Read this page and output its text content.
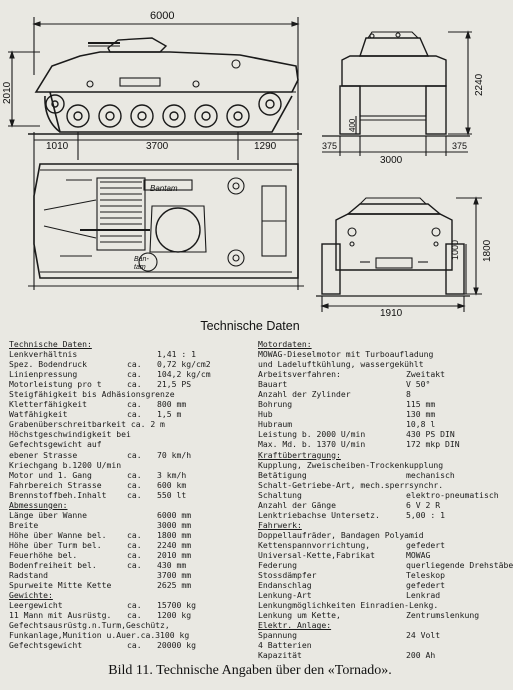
6000
2010
1010	3700	1290
2240
400
375
3000
375
1000 1800
1910
Bantam
Ban- tam
Technische Daten
Technische Daten:
Lenkverhältnis	1,41 : 1
Spez. Bodendruck	ca. 0,72 kg/cm2
Linienpressung	ca. 104,2 kg/cm
Motorleistung pro t	ca. 21,5 PS
Steigfähigkeit bis Adhäsionsgrenze
Kletterfähigkeit	ca. 800 mm
Watfähigkeit	ca. 1,5 m
Grabenüberschreitbarkeit ca. 2 m
Höchstgeschwindigkeit bei
Gefechtsgewicht auf
ebener Strasse	ca. 70 km/h
Kriechgang b.1200 U/min
Motor und 1. Gang	ca. 3 km/h
Fahrbereich Strasse	ca. 600 km
Brennstoffbeh.Inhalt	ca. 550 lt
Abmessungen:
Länge über Wanne	6000 mm
Breite	3000 mm
Höhe über Wanne bel.	ca. 1800 mm
Höhe über Turm bel.	ca. 2240 mm
Feuerhöhe bel.	ca. 2010 mm
Bodenfreiheit bel.	ca. 430 mm
Radstand	3700 mm
Spurweite Mitte Kette	2625 mm
Gewichte:
Leergewicht	ca. 15700 kg
11 Mann mit Ausrüstg. ca. 1200 kg
Gefechtsausrüstg.n.Turm,Geschütz,
Funkanlage,Munition u.Auer.ca.3100 kg
Gefechtsgewicht	ca. 20000 kg
Motordaten:
MOWAG-Dieselmotor mit Turboaufladung
und Ladeluftkühlung, wassergekühlt
Arbeitsverfahren:	Zweitakt
Bauart	V 50°
Anzahl der Zylinder	8
Bohrung	115 mm
Hub	130 mm
Hubraum	10,8 l
Leistung b. 2000 U/min	430 PS DIN
Max. Md. b. 1370 U/min	172 mkp DIN
Kraftübertragung:
Kupplung, Zweischeiben-Trockenkupplung
Betätigung	mechanisch
Schalt-Getriebe-Art, mech.sperrsynchr.
Schaltung	elektro-pneumatisch
Anzahl der Gänge	6 V 2 R
Lenktriebachse Untersetz.	5,00 : 1
Fahrwerk:
Doppellaufräder, Bandagen Polyamid
Kettenspannvorrichtung,	gefedert
Universal-Kette,Fabrikat	MOWAG
Federung	querliegende Drehstäbe
Stossdämpfer	Teleskop
Endanschlag	gefedert
Lenkung-Art	Lenkrad
Lenkungmöglichkeiten Einradien-Lenkg.
Lenkung um Kette,	Zentrumslenkung
Elektr. Anlage:
Spannung	24 Volt
4 Batterien
Kapazität	200 Ah
Bild 11. Technische Angaben über den «Tornado».
